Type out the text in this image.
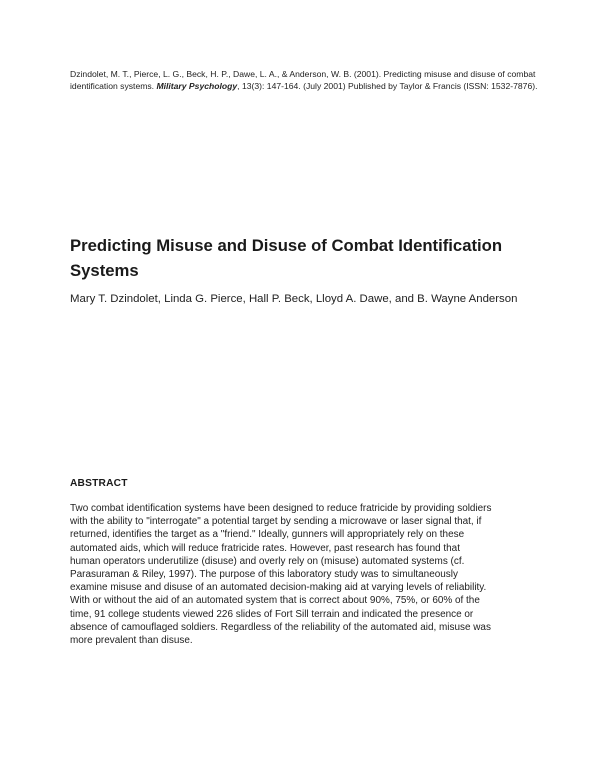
Dzindolet, M. T., Pierce, L. G., Beck, H. P., Dawe, L. A., & Anderson, W. B. (2001). Predicting misuse and disuse of combat identification systems. Military Psychology, 13(3): 147-164. (July 2001) Published by Taylor & Francis (ISSN: 1532-7876).

Predicting Misuse and Disuse of Combat Identification Systems

Mary T. Dzindolet, Linda G. Pierce, Hall P. Beck, Lloyd A. Dawe, and B. Wayne Anderson

ABSTRACT

Two combat identification systems have been designed to reduce fratricide by providing soldiers
with the ability to "interrogate" a potential target by sending a microwave or laser signal that, if
returned, identifies the target as a "friend." Ideally, gunners will appropriately rely on these
automated aids, which will reduce fratricide rates. However, past research has found that
human operators underutilize (disuse) and overly rely on (misuse) automated systems (cf.
Parasuraman & Riley, 1997). The purpose of this laboratory study was to simultaneously
examine misuse and disuse of an automated decision-making aid at varying levels of reliability.
With or without the aid of an automated system that is correct about 90%, 75%, or 60% of the
time, 91 college students viewed 226 slides of Fort Sill terrain and indicated the presence or
absence of camouflaged soldiers. Regardless of the reliability of the automated aid, misuse was
more prevalent than disuse.
